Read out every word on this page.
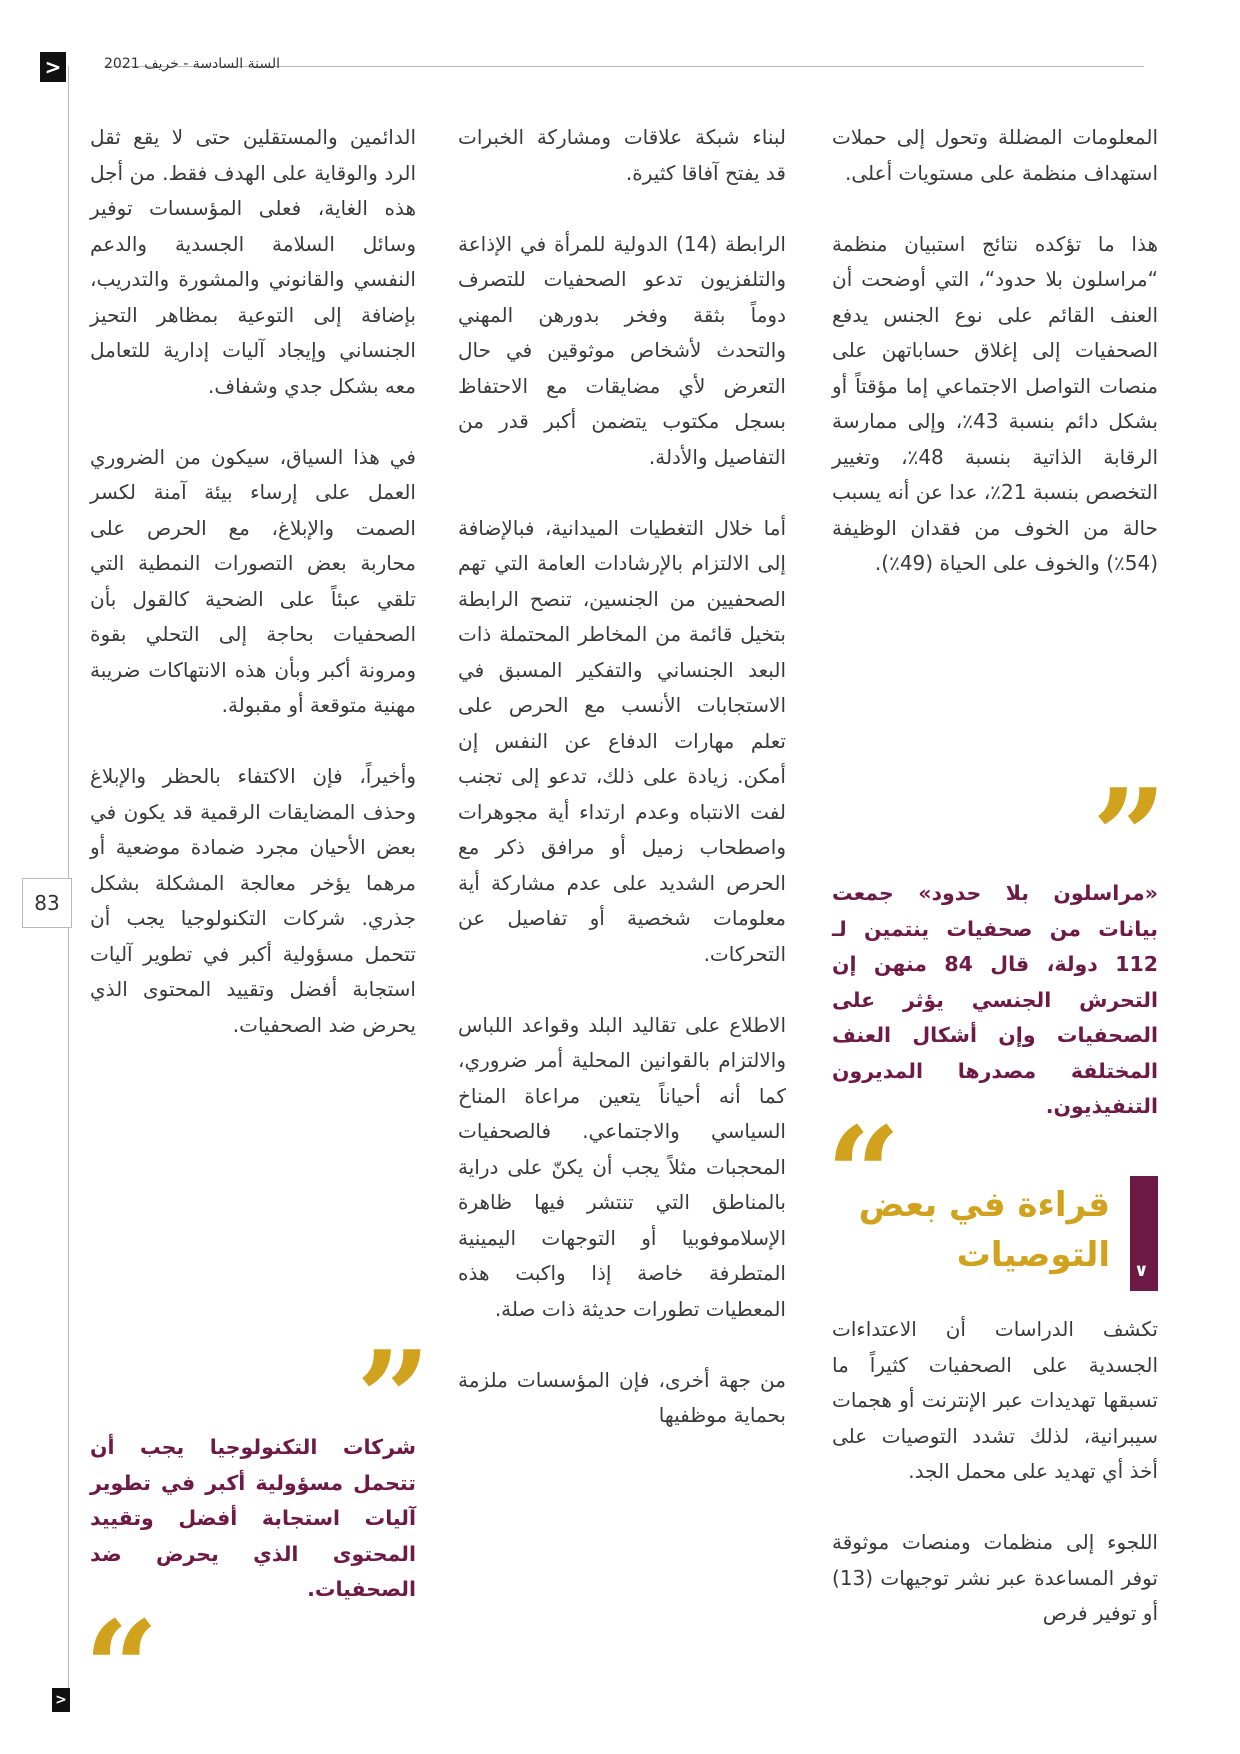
>	السنة السادسة - خريف 2021
83
>

المعلومات المضللة وتحول إلى حملات استهداف منظمة على مستويات أعلى.

هذا ما تؤكده نتائج استبيان منظمة “مراسلون بلا حدود“، التي أوضحت أن العنف القائم على نوع الجنس يدفع الصحفيات إلى إغلاق حساباتهن على منصات التواصل الاجتماعي إما مؤقتاً أو بشكل دائم بنسبة 43٪، وإلى ممارسة الرقابة الذاتية بنسبة 48٪، وتغيير التخصص بنسبة 21٪، عدا عن أنه يسبب حالة من الخوف من فقدان الوظيفة (54٪) والخوف على الحياة (49٪).

”

«مراسلون بلا حدود» جمعت بيانات من صحفيات ينتمين لـ 112 دولة، قال 84 منهن إن التحرش الجنسي يؤثر على الصحفيات وإن أشكال العنف المختلفة مصدرها المديرون التنفيذيون.

“
∨

قراءة في بعض التوصيات

تكشف الدراسات أن الاعتداءات الجسدية على الصحفيات كثيراً ما تسبقها تهديدات عبر الإنترنت أو هجمات سيبرانية، لذلك تشدد التوصيات على أخذ أي تهديد على محمل الجد.

اللجوء إلى منظمات ومنصات موثوقة توفر المساعدة عبر نشر توجيهات (13) أو توفير فرص

لبناء شبكة علاقات ومشاركة الخبرات قد يفتح آفاقا كثيرة.

الرابطة (14) الدولية للمرأة في الإذاعة والتلفزيون تدعو الصحفيات للتصرف دوماً بثقة وفخر بدورهن المهني والتحدث لأشخاص موثوقين في حال التعرض لأي مضايقات مع الاحتفاظ بسجل مكتوب يتضمن أكبر قدر من التفاصيل والأدلة.

أما خلال التغطيات الميدانية، فبالإضافة إلى الالتزام بالإرشادات العامة التي تهم الصحفيين من الجنسين، تنصح الرابطة بتخيل قائمة من المخاطر المحتملة ذات البعد الجنساني والتفكير المسبق في الاستجابات الأنسب مع الحرص على تعلم مهارات الدفاع عن النفس إن أمكن. زيادة على ذلك، تدعو إلى تجنب لفت الانتباه وعدم ارتداء أية مجوهرات واصطحاب زميل أو مرافق ذكر مع الحرص الشديد على عدم مشاركة أية معلومات شخصية أو تفاصيل عن التحركات.

الاطلاع على تقاليد البلد وقواعد اللباس والالتزام بالقوانين المحلية أمر ضروري، كما أنه أحياناً يتعين مراعاة المناخ السياسي والاجتماعي. فالصحفيات المحجبات مثلاً يجب أن يكنّ على دراية بالمناطق التي تنتشر فيها ظاهرة الإسلاموفوبيا أو التوجهات اليمينية المتطرفة خاصة إذا واكبت هذه المعطيات تطورات حديثة ذات صلة.

من جهة أخرى، فإن المؤسسات ملزمة بحماية موظفيها

الدائمين والمستقلين حتى لا يقع ثقل الرد والوقاية على الهدف فقط. من أجل هذه الغاية، فعلى المؤسسات توفير وسائل السلامة الجسدية والدعم النفسي والقانوني والمشورة والتدريب، بإضافة إلى التوعية بمظاهر التحيز الجنساني وإيجاد آليات إدارية للتعامل معه بشكل جدي وشفاف.

في هذا السياق، سيكون من الضروري العمل على إرساء بيئة آمنة لكسر الصمت والإبلاغ، مع الحرص على محاربة بعض التصورات النمطية التي تلقي عبئاً على الضحية كالقول بأن الصحفيات بحاجة إلى التحلي بقوة ومرونة أكبر وبأن هذه الانتهاكات ضريبة مهنية متوقعة أو مقبولة.

وأخيراً، فإن الاكتفاء بالحظر والإبلاغ وحذف المضايقات الرقمية قد يكون في بعض الأحيان مجرد ضمادة موضعية أو مرهما يؤخر معالجة المشكلة بشكل جذري. شركات التكنولوجيا يجب أن تتحمل مسؤولية أكبر في تطوير آليات استجابة أفضل وتقييد المحتوى الذي يحرض ضد الصحفيات.

”

شركات التكنولوجيا يجب أن تتحمل مسؤولية أكبر في تطوير آليات استجابة أفضل وتقييد المحتوى الذي يحرض ضد الصحفيات.

“
